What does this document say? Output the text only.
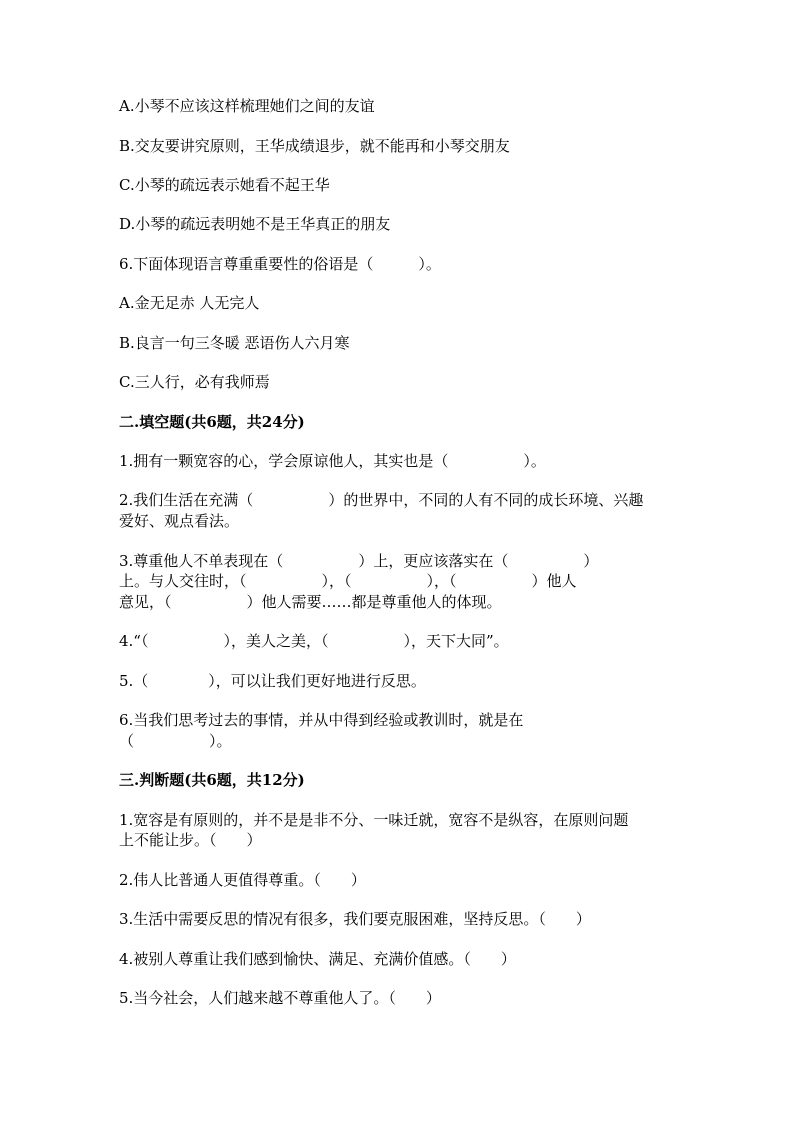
A.小琴不应该这样梳理她们之间的友谊
B.交友要讲究原则，王华成绩退步，就不能再和小琴交朋友
C.小琴的疏远表示她看不起王华
D.小琴的疏远表明她不是王华真正的朋友
6.下面体现语言尊重重要性的俗语是（　　　）。
A.金无足赤 人无完人
B.良言一句三冬暖 恶语伤人六月寒
C.三人行，必有我师焉
二.填空题(共6题，共24分)
1.拥有一颗宽容的心，学会原谅他人，其实也是（　　　　　）。
2.我们生活在充满（　　　　　）的世界中，不同的人有不同的成长环境、兴趣
爱好、观点看法。
3.尊重他人不单表现在（　　　　　）上，更应该落实在（　　　　　）
上。与人交往时，（　　　　　），（　　　　　），（　　　　　）他人
意见，（　　　　　）他人需要……都是尊重他人的体现。
4.“（　　　　　），美人之美，（　　　　　），天下大同”。
5.（　　　　），可以让我们更好地进行反思。
6.当我们思考过去的事情，并从中得到经验或教训时，就是在
（　　　　　）。
三.判断题(共6题，共12分)
1.宽容是有原则的，并不是是非不分、一味迁就，宽容不是纵容，在原则问题
上不能让步。（　　）
2.伟人比普通人更值得尊重。（　　）
3.生活中需要反思的情况有很多，我们要克服困难，坚持反思。（　　）
4.被别人尊重让我们感到愉快、满足、充满价值感。（　　）
5.当今社会，人们越来越不尊重他人了。（　　）
